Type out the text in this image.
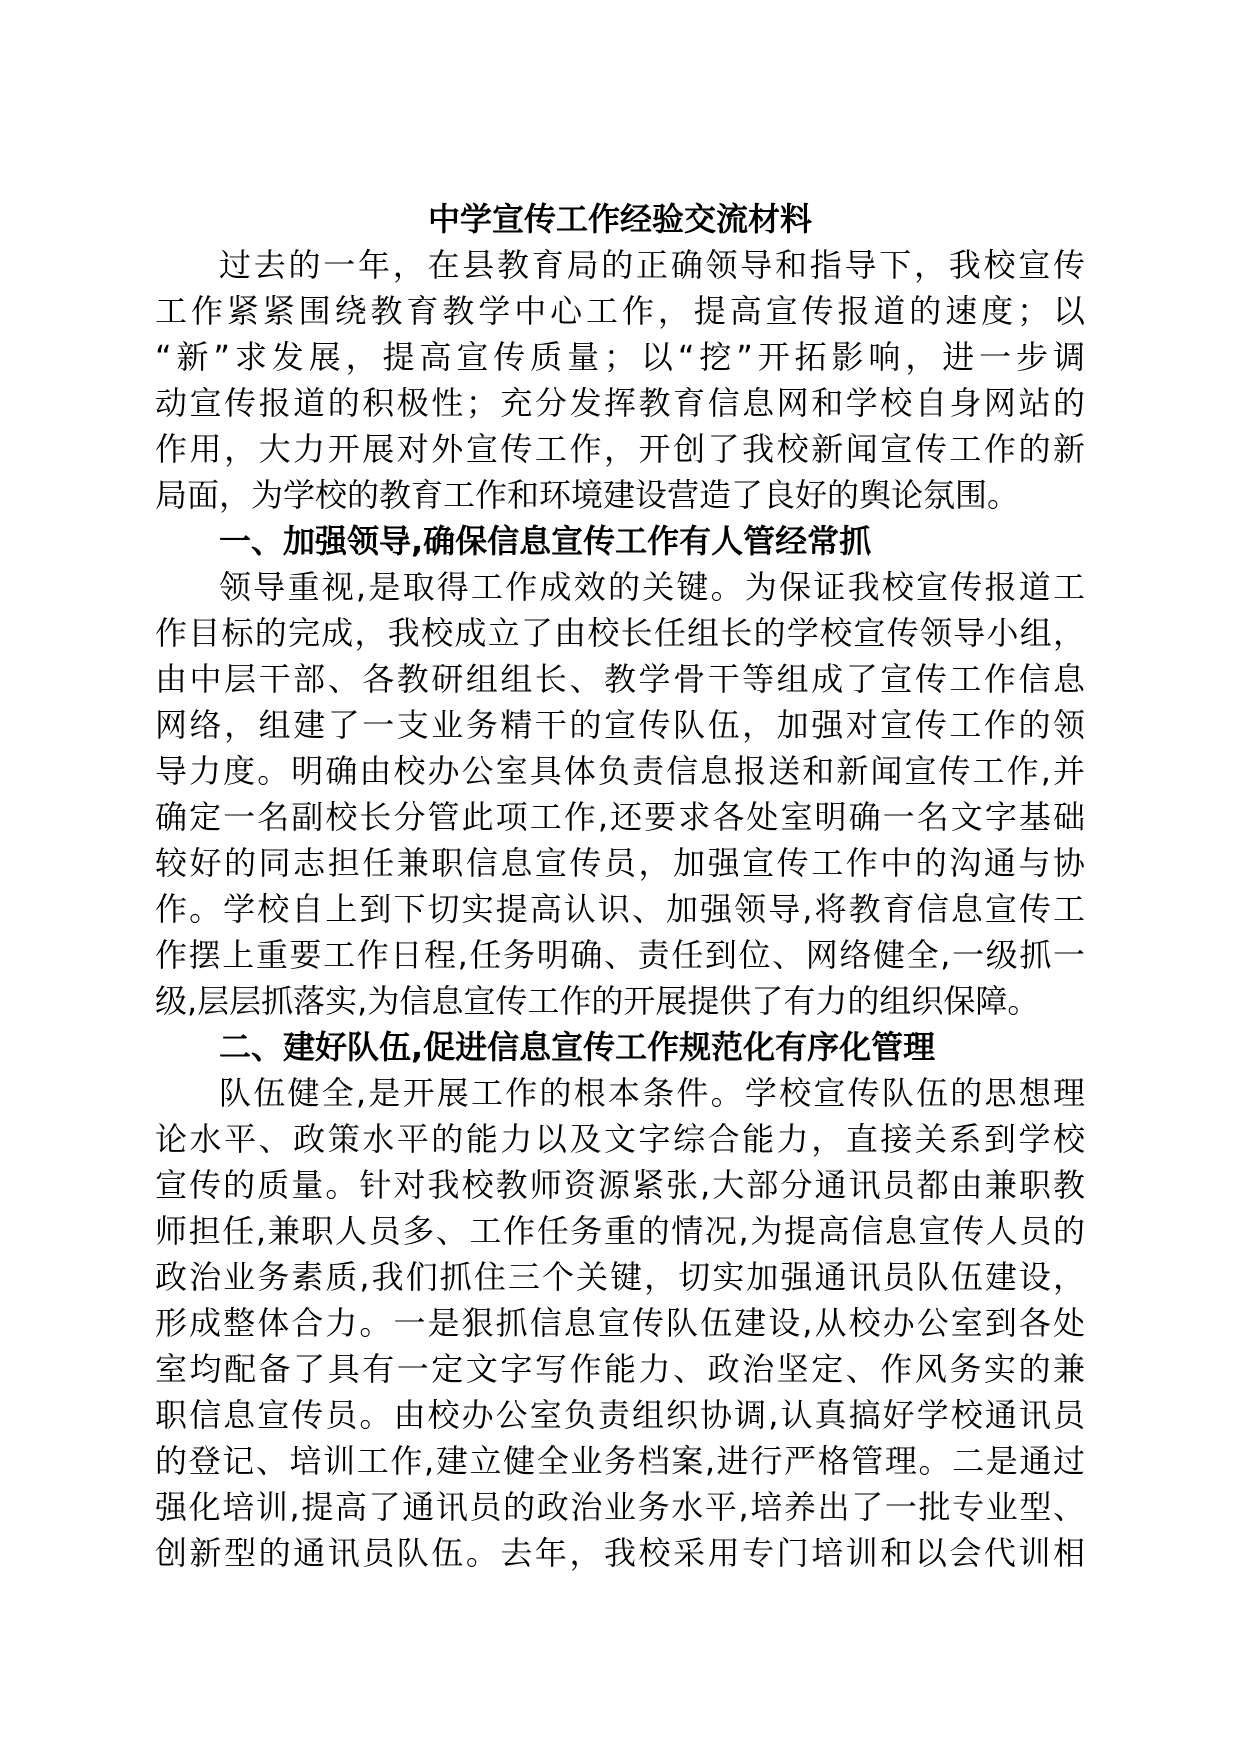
中学宣传工作经验交流材料

过去的一年，在县教育局的正确领导和指导下，我校宣传

工作紧紧围绕教育教学中心工作，提高宣传报道的速度；以

“新”求发展，提高宣传质量；以“挖”开拓影响，进一步调

动宣传报道的积极性；充分发挥教育信息网和学校自身网站的

作用，大力开展对外宣传工作，开创了我校新闻宣传工作的新

局面，为学校的教育工作和环境建设营造了良好的舆论氛围。

一、加强领导,确保信息宣传工作有人管经常抓

领导重视,是取得工作成效的关键。为保证我校宣传报道工

作目标的完成，我校成立了由校长任组长的学校宣传领导小组，

由中层干部、各教研组组长、教学骨干等组成了宣传工作信息

网络，组建了一支业务精干的宣传队伍，加强对宣传工作的领

导力度。明确由校办公室具体负责信息报送和新闻宣传工作,并

确定一名副校长分管此项工作,还要求各处室明确一名文字基础

较好的同志担任兼职信息宣传员，加强宣传工作中的沟通与协

作。学校自上到下切实提高认识、加强领导,将教育信息宣传工

作摆上重要工作日程,任务明确、责任到位、网络健全,一级抓一

级,层层抓落实,为信息宣传工作的开展提供了有力的组织保障。

二、建好队伍,促进信息宣传工作规范化有序化管理

队伍健全,是开展工作的根本条件。学校宣传队伍的思想理

论水平、政策水平的能力以及文字综合能力，直接关系到学校

宣传的质量。针对我校教师资源紧张,大部分通讯员都由兼职教

师担任,兼职人员多、工作任务重的情况,为提高信息宣传人员的

政治业务素质,我们抓住三个关键，切实加强通讯员队伍建设，

形成整体合力。一是狠抓信息宣传队伍建设,从校办公室到各处

室均配备了具有一定文字写作能力、政治坚定、作风务实的兼

职信息宣传员。由校办公室负责组织协调,认真搞好学校通讯员

的登记、培训工作,建立健全业务档案,进行严格管理。二是通过

强化培训,提高了通讯员的政治业务水平,培养出了一批专业型、

创新型的通讯员队伍。去年，我校采用专门培训和以会代训相
